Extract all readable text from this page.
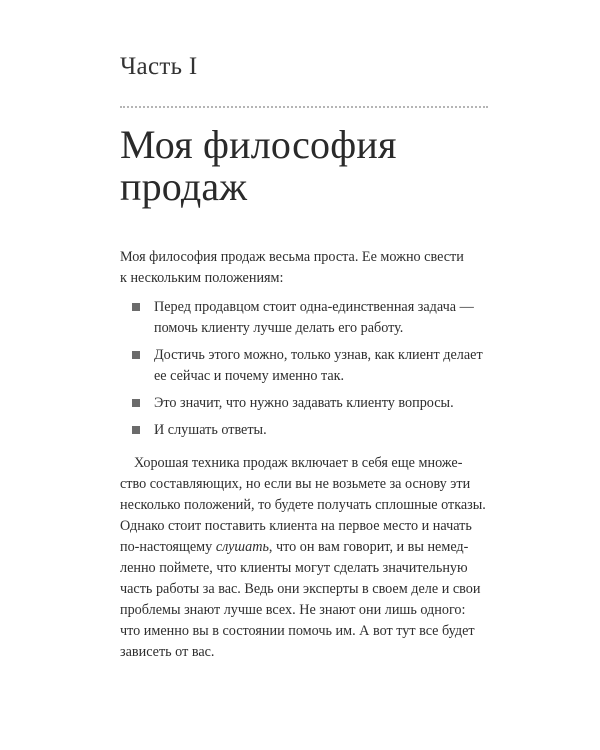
Часть I
Моя философия
продаж

Моя философия продаж весьма проста. Ее можно свести
к нескольким положениям:

Перед продавцом стоит одна-единственная задача —
помочь клиенту лучше делать его работу.
Достичь этого можно, только узнав, как клиент делает
ее сейчас и почему именно так.
Это значит, что нужно задавать клиенту вопросы.
И слушать ответы.

Хорошая техника продаж включает в себя еще множе-
ство составляющих, но если вы не возьмете за основу эти
несколько положений, то будете получать сплошные отказы.
Однако стоит поставить клиента на первое место и начать
по-настоящему слушать, что он вам говорит, и вы немед-
ленно поймете, что клиенты могут сделать значительную
часть работы за вас. Ведь они эксперты в своем деле и свои
проблемы знают лучше всех. Не знают они лишь одного:
что именно вы в состоянии помочь им. А вот тут все будет
зависеть от вас.
